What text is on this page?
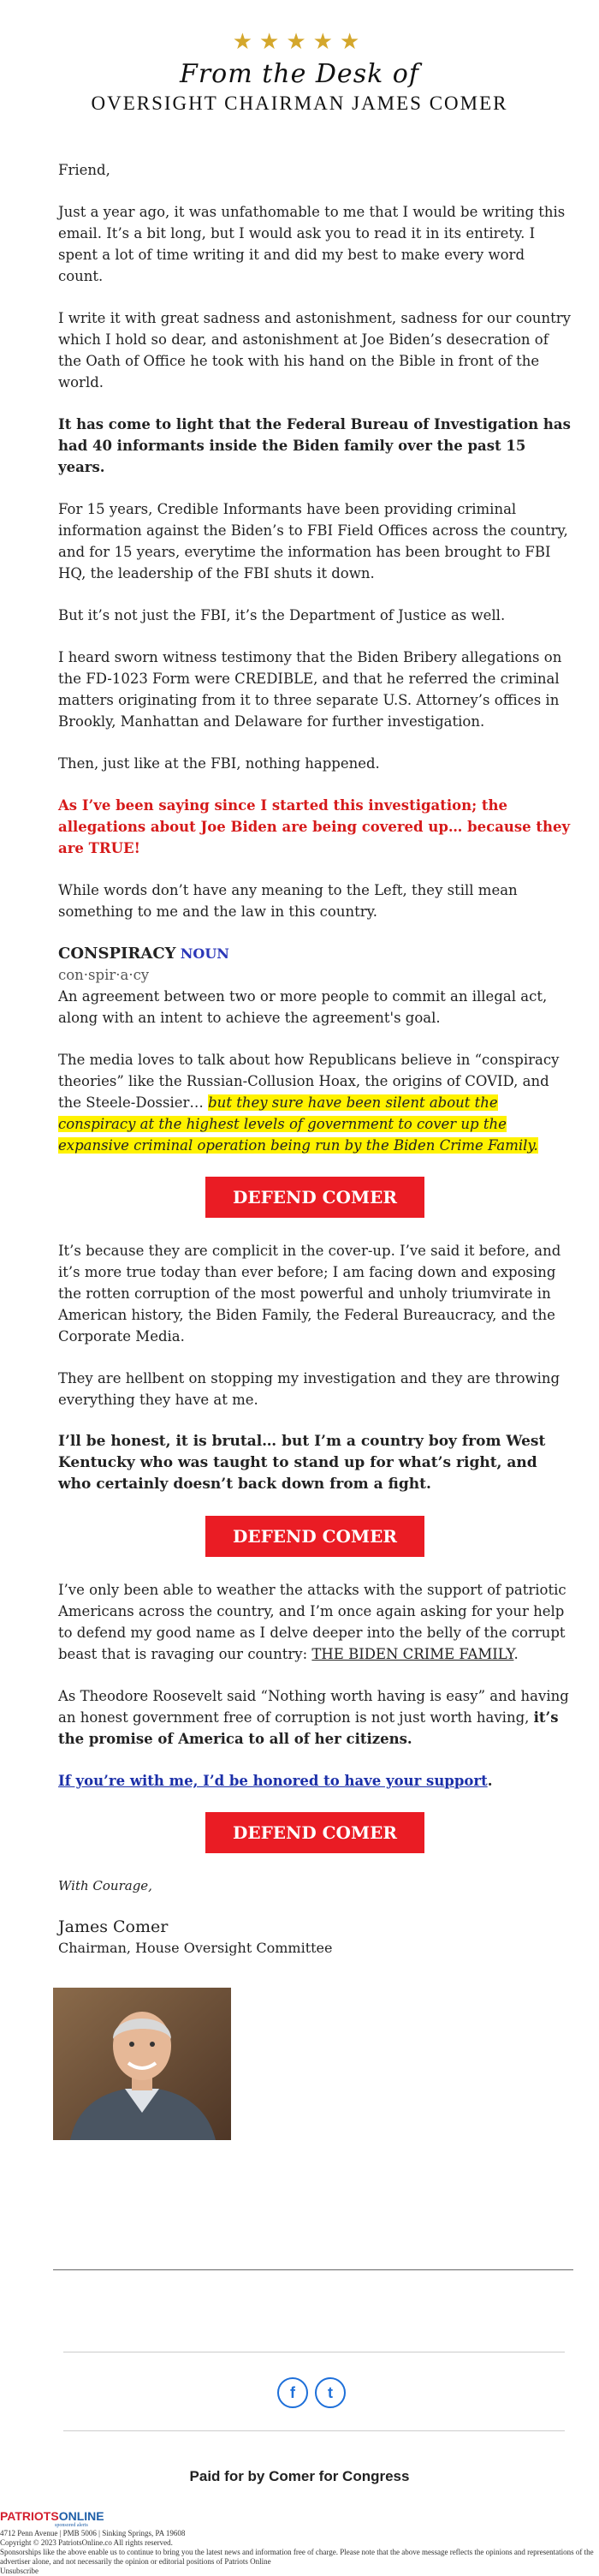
★★★★★
From the Desk of
OVERSIGHT CHAIRMAN JAMES COMER

Friend,

Just a year ago, it was unfathomable to me that I would be writing this email. It’s a bit long, but I would ask you to read it in its entirety. I spent a lot of time writing it and did my best to make every word count.

I write it with great sadness and astonishment, sadness for our country which I hold so dear, and astonishment at Joe Biden’s desecration of the Oath of Office he took with his hand on the Bible in front of the world.

It has come to light that the Federal Bureau of Investigation has had 40 informants inside the Biden family over the past 15 years.

For 15 years, Credible Informants have been providing criminal information against the Biden’s to FBI Field Offices across the country, and for 15 years, everytime the information has been brought to FBI HQ, the leadership of the FBI shuts it down.

But it’s not just the FBI, it’s the Department of Justice as well.

I heard sworn witness testimony that the Biden Bribery allegations on the FD-1023 Form were CREDIBLE, and that he referred the criminal matters originating from it to three separate U.S. Attorney’s offices in Brookly, Manhattan and Delaware for further investigation.

Then, just like at the FBI, nothing happened.

As I’ve been saying since I started this investigation; the allegations about Joe Biden are being covered up… because they are TRUE!

While words don’t have any meaning to the Left, they still mean something to me and the law in this country.

CONSPIRACY NOUN
con·spir·a·cy
An agreement between two or more people to commit an illegal act, along with an intent to achieve the agreement's goal.

The media loves to talk about how Republicans believe in “conspiracy theories” like the Russian-Collusion Hoax, the origins of COVID, and the Steele-Dossier… but they sure have been silent about the conspiracy at the highest levels of government to cover up the expansive criminal operation being run by the Biden Crime Family.

DEFEND COMER

It’s because they are complicit in the cover-up. I’ve said it before, and it’s more true today than ever before; I am facing down and exposing the rotten corruption of the most powerful and unholy triumvirate in American history, the Biden Family, the Federal Bureaucracy, and the Corporate Media.

They are hellbent on stopping my investigation and they are throwing everything they have at me.

I’ll be honest, it is brutal… but I’m a country boy from West Kentucky who was taught to stand up for what’s right, and who certainly doesn’t back down from a fight.

DEFEND COMER

I’ve only been able to weather the attacks with the support of patriotic Americans across the country, and I’m once again asking for your help to defend my good name as I delve deeper into the belly of the corrupt beast that is ravaging our country: THE BIDEN CRIME FAMILY.

As Theodore Roosevelt said “Nothing worth having is easy” and having an honest government free of corruption is not just worth having, it’s the promise of America to all of her citizens.

If you’re with me, I’d be honored to have your support.

DEFEND COMER
With Courage,
James Comer
Chairman, House Oversight Committee
f	t
Paid for by Comer for Congress
PATRIOTSONLINE
sponsored alerts
4712 Penn Avenue | PMB 5006 | Sinking Springs, PA 19608
Copyright © 2023 PatriotsOnline.co All rights reserved.
Sponsorships like the above enable us to continue to bring you the latest news and information free of charge. Please note that the above message reflects the opinions and representations of the advertiser alone, and not necessarily the opinion or editorial positions of Patriots Online
Unsubscribe
